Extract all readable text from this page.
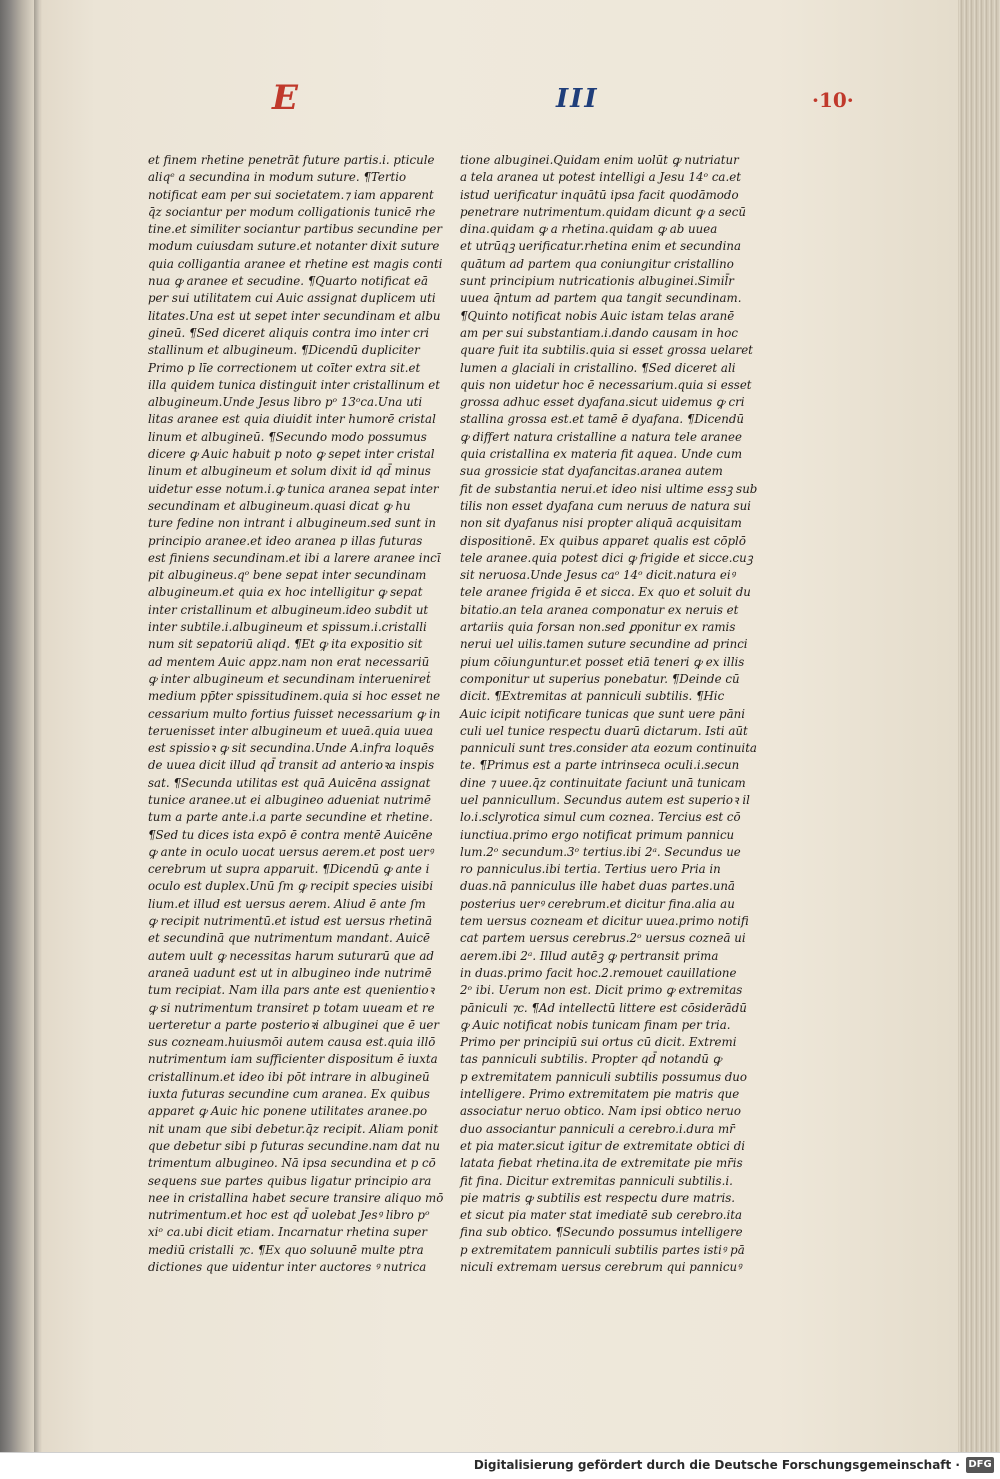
E	III	·10·
et finem rhetine penetrāt future partis.i. pticule
aliqᵉ a secundina in modum suture. ¶Tertio
notificat eam per sui societatem.⁊ iam apparent
q̄z sociantur per modum colligationis tunicē rhe
tine.et similiter sociantur partibus secundine per
modum cuiusdam suture.et notanter dixit suture
quia colligantia aranee et rhetine est magis conti
nua ꝙ aranee et secudine. ¶Quarto notificat eā
per sui utilitatem cui Auic assignat duplicem uti
litates.Una est ut sepet inter secundinam et albu
gineū. ¶Sed diceret aliquis contra imo inter cri
stallinum et albugineum. ¶Dicendū dupliciter
Primo p līe correctionem ut coīter extra sit.et
illa quidem tunica distinguit inter cristallinum et
albugineum.Unde Jesus libro pᵒ 13ᵒca.Una uti
litas aranee est quia diuidit inter humorē cristal
linum et albugineū. ¶Secundo modo possumus
dicere ꝙ Auic habuit p noto ꝙ sepet inter cristal
linum et albugineum et solum dixit id qd̄ minus
uidetur esse notum.i.ꝙ tunica aranea sepat inter
secundinam et albugineum.quasi dicat ꝙ hu
ture fedine non intrant i albugineum.sed sunt in
principio aranee.et ideo aranea p illas futuras
est finiens secundinam.et ibi a larere aranee incī
pit albugineus.qᵒ bene sepat inter secundinam
albugineum.et quia ex hoc intelligitur ꝙ sepat
inter cristallinum et albugineum.ideo subdit ut
inter subtile.i.albugineum et spissum.i.cristalli
num sit sepatoriū aliqd. ¶Et ꝙ ita expositio sit
ad mentem Auic appz.nam non erat necessariū
ꝙ inter albugineum et secundinam interuenireṫ
medium pp̄ter spissitudinem.quia si hoc esset ne
cessarium multo fortius fuisset necessarium ꝙ in
teruenisset inter albugineum et uueā.quia uuea
est spissioꝛ ꝙ sit secundina.Unde A.infra loquēs
de uuea dicit illud qd̄ transit ad anterioꝛa inspis
sat. ¶Secunda utilitas est quā Auicēna assignat
tunice aranee.ut ei albugineo adueniat nutrimē
tum a parte ante.i.a parte secundine et rhetine.
¶Sed tu dices ista expō ē contra mentē Auicēne
ꝙ ante in oculo uocat uersus aerem.et post uerꝰ
cerebrum ut supra apparuit. ¶Dicendū ꝙ ante i
oculo est duplex.Unū ſm ꝙ recipit species uisibi
lium.et illud est uersus aerem. Aliud ē ante ſm
ꝙ recipit nutrimentū.et istud est uersus rhetinā
et secundinā que nutrimentum mandant. Auicē
autem uult ꝙ necessitas harum suturarū que ad
araneā uadunt est ut in albugineo inde nutrimē
tum recipiat. Nam illa pars ante est quenientioꝛ
ꝙ si nutrimentum transiret p totam uueam et re
uerteretur a parte posterioꝛi albuginei que ē uer
sus cozneam.huiusmōi autem causa est.quia illō
nutrimentum iam sufficienter dispositum ē iuxta
cristallinum.et ideo ibi pōt intrare in albugineū
iuxta futuras secundine cum aranea. Ex quibus
apparet ꝙ Auic hic ponene utilitates aranee.po
nit unam que sibi debetur.q̄z recipit. Aliam ponit
que debetur sibi p futuras secundine.nam dat nu
trimentum albugineo. Nā ipsa secundina et p cō
sequens sue partes quibus ligatur principio ara
nee in cristallina habet secure transire aliquo mō
nutrimentum.et hoc est qd̄ uolebat Jesꝰ libro pᵒ
xiᵒ ca.ubi dicit etiam. Incarnatur rhetina super
mediū cristalli ⁊c. ¶Ex quo soluunē multe ptra
dictiones que uidentur inter auctores ꝰ nutrica
tione albuginei.Quidam enim uolūt ꝙ nutriatur
a tela aranea ut potest intelligi a Jesu 14ᵒ ca.et
istud uerificatur inquātū ipsa facit quodāmodo
penetrare nutrimentum.quidam dicunt ꝙ a secū
dina.quidam ꝙ a rhetina.quidam ꝙ ab uuea
et utrūqꝫ uerificatur.rhetina enim et secundina
quātum ad partem qua coniungitur cristallino
sunt principium nutricationis albuginei.Simil̄r
uuea q̄ntum ad partem qua tangit secundinam.
¶Quinto notificat nobis Auic istam telas aranē
am per sui substantiam.i.dando causam in hoc
quare fuit ita subtilis.quia si esset grossa uelaret
lumen a glaciali in cristallino. ¶Sed diceret ali
quis non uidetur hoc ē necessarium.quia si esset
grossa adhuc esset dyafana.sicut uidemus ꝙ cri
stallina grossa est.et tamē ē dyafana. ¶Dicendū
ꝙ differt natura cristalline a natura tele aranee
quia cristallina ex materia fit aquea. Unde cum
sua grossicie stat dyafancitas.aranea autem
fit de substantia nerui.et ideo nisi ultime essꝫ sub
tilis non esset dyafana cum neruus de natura sui
non sit dyafanus nisi propter aliquā acquisitam
dispositionē. Ex quibus apparet qualis est cōplō
tele aranee.quia potest dici ꝙ frigide et sicce.cuꝫ
sit neruosa.Unde Jesus caᵒ 14ᵒ dicit.natura eiꝰ
tele aranee frigida ē et sicca. Ex quo et soluit du
bitatio.an tela aranea componatur ex neruis et
artariis quia forsan non.sed ꝑponitur ex ramis
nerui uel uilis.tamen suture secundine ad princi
pium cōiunguntur.et posset etiā teneri ꝙ ex illis
componitur ut superius ponebatur. ¶Deinde cū
dicit. ¶Extremitas at panniculi subtilis. ¶Hic
Auic icipit notificare tunicas que sunt uere pāni
culi uel tunice respectu duarū dictarum. Isti aūt
panniculi sunt tres.consider ata eozum continuita
te. ¶Primus est a parte intrinseca oculi.i.secun
dine ⁊ uuee.q̄z continuitate faciunt unā tunicam
uel pannicullum. Secundus autem est superioꝛ il
lo.i.sclyrotica simul cum coznea. Tercius est cō
iunctiua.primo ergo notificat primum pannicu
lum.2ᵒ secundum.3ᵒ tertius.ibi 2ᵃ. Secundus ue
ro panniculus.ibi tertia. Tertius uero Pria in
duas.nā panniculus ille habet duas partes.unā
posterius uerꝰ cerebrum.et dicitur fina.alia au
tem uersus cozneam et dicitur uuea.primo notifi
cat partem uersus cerebrus.2ᵒ uersus cozneā ui
aerem.ibi 2ᵃ. Illud autēꝫ ꝙ pertransit prima
in duas.primo facit hoc.2.remouet cauillatione
2ᵒ ibi. Uerum non est. Dicit primo ꝙ extremitas
pāniculi ⁊c. ¶Ad intellectū littere est cōsiderādū
ꝙ Auic notificat nobis tunicam finam per tria.
Primo per principiū sui ortus cū dicit. Extremi
tas panniculi subtilis. Propter qd̄ notandū ꝙ
p extremitatem panniculi subtilis possumus duo
intelligere. Primo extremitatem pie matris que
associatur neruo obtico. Nam ipsi obtico neruo
duo associantur panniculi a cerebro.i.dura mr̄
et pia mater.sicut igitur de extremitate obtici di
latata fiebat rhetina.ita de extremitate pie mr̄is
fit fina. Dicitur extremitas panniculi subtilis.i.
pie matris ꝙ subtilis est respectu dure matris.
et sicut pia mater stat imediatē sub cerebro.ita
fina sub obtico. ¶Secundo possumus intelligere
p extremitatem panniculi subtilis partes istiꝰ pā
niculi extremam uersus cerebrum qui pannicuꝰ
Digitalisierung gefördert durch die Deutsche Forschungsgemeinschaft · DFG
